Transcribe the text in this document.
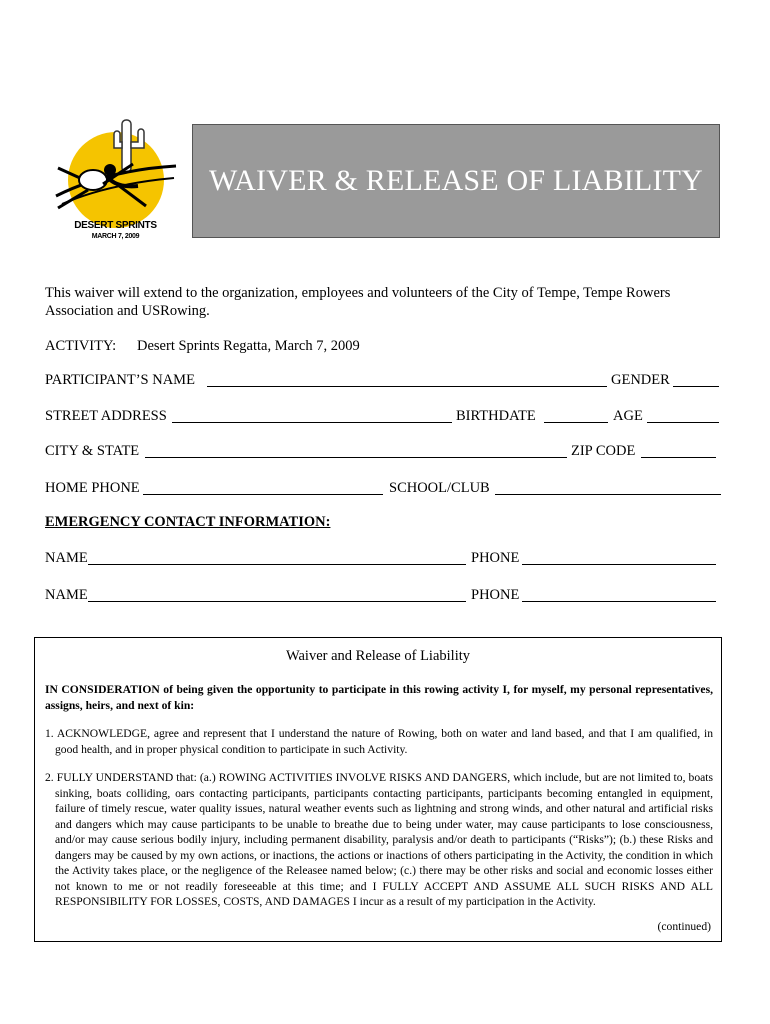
DESERT SPRINTS
MARCH 7, 2009
WAIVER & RELEASE OF LIABILITY
This waiver will extend to the organization, employees and volunteers of the City of Tempe, Tempe Rowers Association and USRowing.
ACTIVITY: Desert Sprints Regatta, March 7, 2009
PARTICIPANT’S NAME	GENDER
STREET ADDRESS	BIRTHDATE	AGE
CITY & STATE	ZIP CODE
HOME PHONE	SCHOOL/CLUB
EMERGENCY CONTACT INFORMATION:
NAME	PHONE
NAME	PHONE
Waiver and Release of Liability
IN CONSIDERATION of being given the opportunity to participate in this rowing activity I, for myself, my personal representatives, assigns, heirs, and next of kin:
1. ACKNOWLEDGE, agree and represent that I understand the nature of Rowing, both on water and land based, and that I am qualified, in good health, and in proper physical condition to participate in such Activity.
2. FULLY UNDERSTAND that: (a.) ROWING ACTIVITIES INVOLVE RISKS AND DANGERS, which include, but are not limited to, boats sinking, boats colliding, oars contacting participants, participants contacting participants, participants becoming entangled in equipment, failure of timely rescue, water quality issues, natural weather events such as lightning and strong winds, and other natural and artificial risks and dangers which may cause participants to be unable to breathe due to being under water, may cause participants to lose consciousness, and/or may cause serious bodily injury, including permanent disability, paralysis and/or death to participants (“Risks”); (b.) these Risks and dangers may be caused by my own actions, or inactions, the actions or inactions of others participating in the Activity, the condition in which the Activity takes place, or the negligence of the Releasee named below; (c.) there may be other risks and social and economic losses either not known to me or not readily foreseeable at this time; and I FULLY ACCEPT AND ASSUME ALL SUCH RISKS AND ALL RESPONSIBILITY FOR LOSSES, COSTS, AND DAMAGES I incur as a result of my participation in the Activity.
(continued)
